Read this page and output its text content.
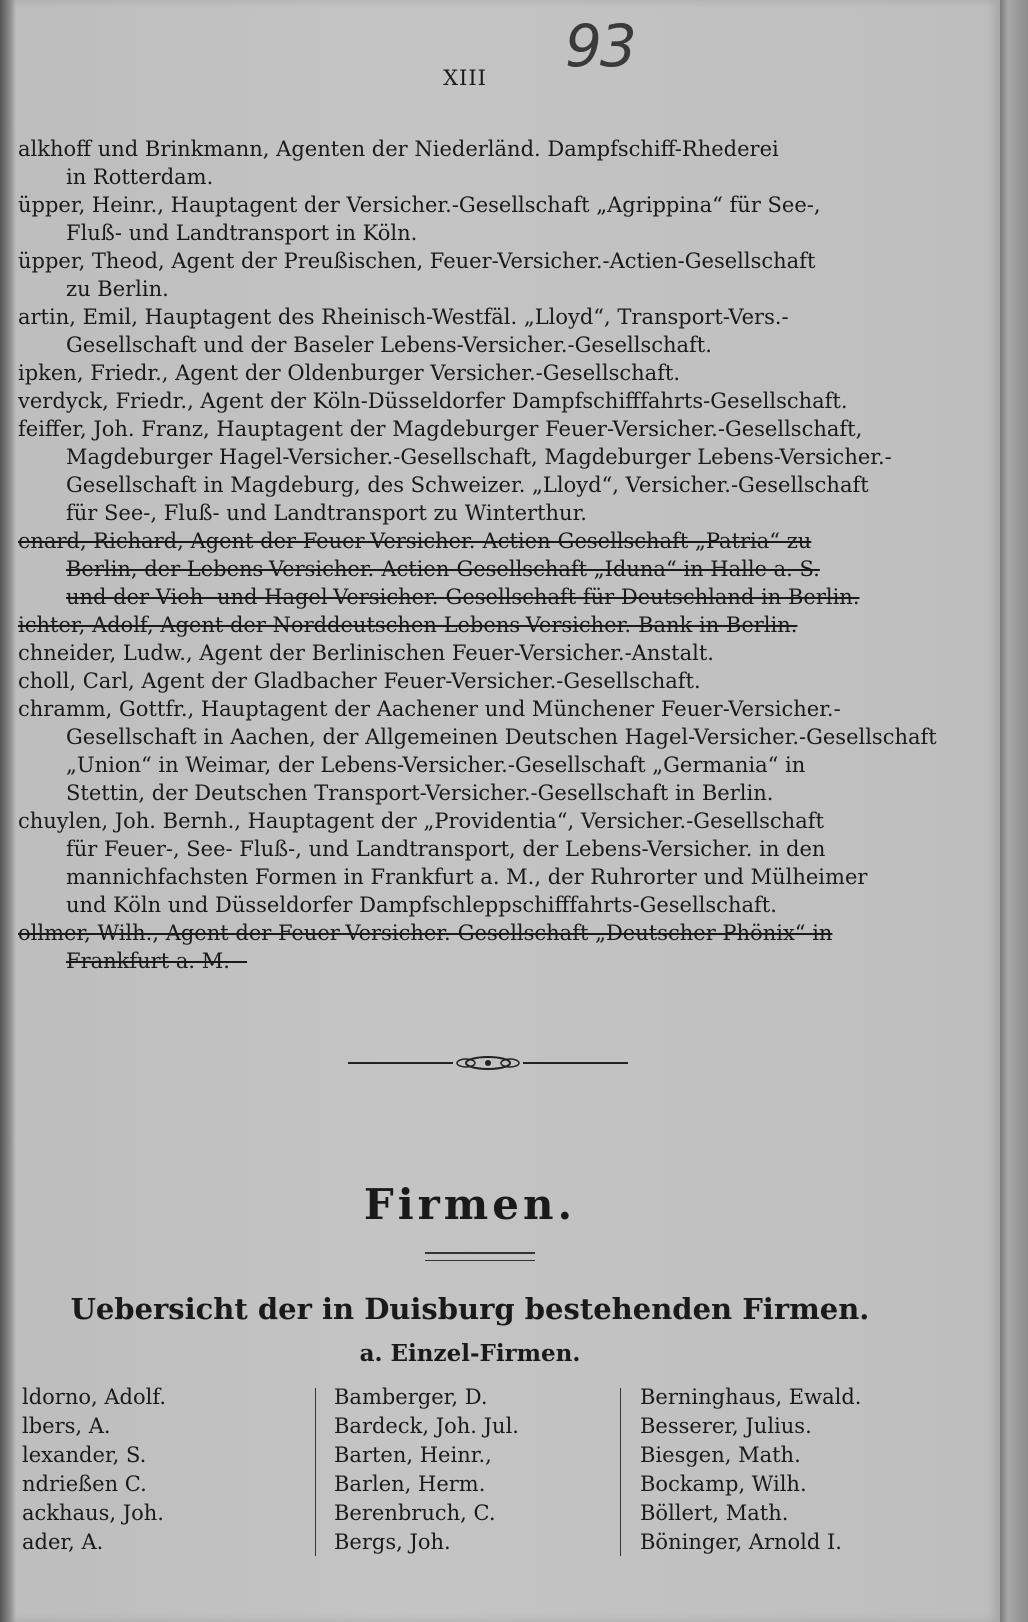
93
XIII
alkhoff und Brinkmann, Agenten der Niederländ. Dampfschiff-Rhederei
in Rotterdam.
üpper, Heinr., Hauptagent der Versicher.-Gesellschaft „Agrippina“ für See-,
Fluß- und Landtransport in Köln.
üpper, Theod, Agent der Preußischen, Feuer-Versicher.-Actien-Gesellschaft
zu Berlin.
artin, Emil, Hauptagent des Rheinisch-Westfäl. „Lloyd“, Transport-Vers.-
Gesellschaft und der Baseler Lebens-Versicher.-Gesellschaft.
ipken, Friedr., Agent der Oldenburger Versicher.-Gesellschaft.
verdyck, Friedr., Agent der Köln-Düsseldorfer Dampfschifffahrts-Gesellschaft.
feiffer, Joh. Franz, Hauptagent der Magdeburger Feuer-Versicher.-Gesellschaft,
Magdeburger Hagel-Versicher.-Gesellschaft, Magdeburger Lebens-Versicher.-
Gesellschaft in Magdeburg, des Schweizer. „Lloyd“, Versicher.-Gesellschaft
für See-, Fluß- und Landtransport zu Winterthur.
enard, Richard, Agent der Feuer-Versicher.-Actien-Gesellschaft „Patria“ zu
Berlin, der Lebens-Versicher.-Actien-Gesellschaft „Iduna“ in Halle a. S.
und der Vieh- und Hagel-Versicher.-Gesellschaft für Deutschland in Berlin.
ichter, Adolf, Agent der Norddeutschen Lebens-Versicher.-Bank in Berlin.
chneider, Ludw., Agent der Berlinischen Feuer-Versicher.-Anstalt.
choll, Carl, Agent der Gladbacher Feuer-Versicher.-Gesellschaft.
chramm, Gottfr., Hauptagent der Aachener und Münchener Feuer-Versicher.-
Gesellschaft in Aachen, der Allgemeinen Deutschen Hagel-Versicher.-Gesellschaft
„Union“ in Weimar, der Lebens-Versicher.-Gesellschaft „Germania“ in
Stettin, der Deutschen Transport-Versicher.-Gesellschaft in Berlin.
chuylen, Joh. Bernh., Hauptagent der „Providentia“, Versicher.-Gesellschaft
für Feuer-, See- Fluß-, und Landtransport, der Lebens-Versicher. in den
mannichfachsten Formen in Frankfurt a. M., der Ruhrorter und Mülheimer
und Köln und Düsseldorfer Dampfschleppschifffahrts-Gesellschaft.
ollmer, Wilh., Agent der Feuer-Versicher.-Gesellschaft „Deutscher Phönix“ in
Frankfurt a. M. –
Firmen.
Uebersicht der in Duisburg bestehenden Firmen.
a. Einzel-Firmen.
ldorno, Adolf.
lbers, A.
lexander, S.
ndrießen C.
ackhaus, Joh.
ader, A.
Bamberger, D.
Bardeck, Joh. Jul.
Barten, Heinr.,
Barlen, Herm.
Berenbruch, C.
Bergs, Joh.
Berninghaus, Ewald.
Besserer, Julius.
Biesgen, Math.
Bockamp, Wilh.
Böllert, Math.
Böninger, Arnold I.
